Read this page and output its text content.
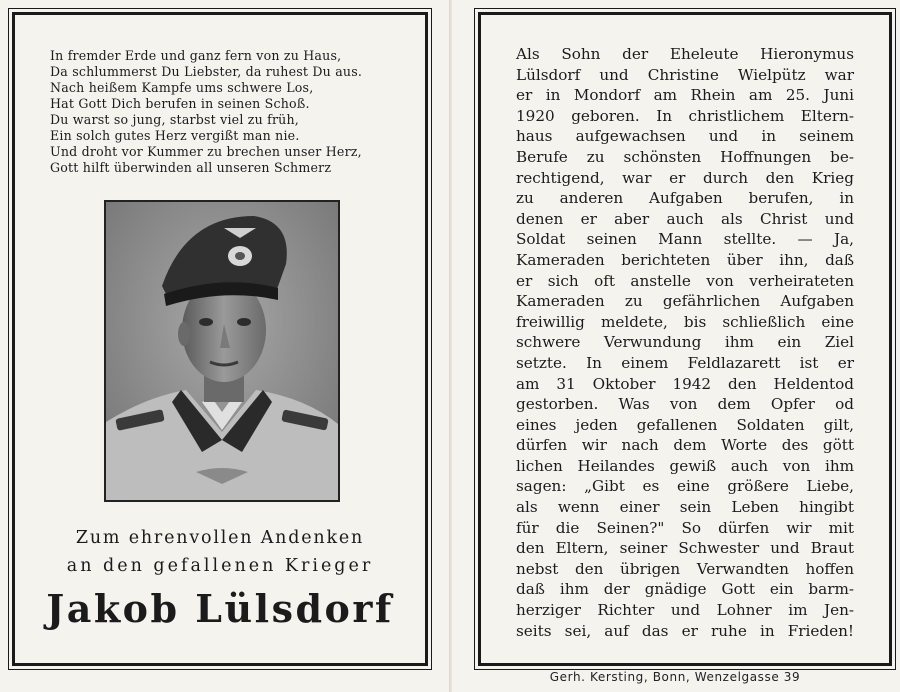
In fremder Erde und ganz fern von zu Haus,
Da schlummerst Du Liebster, da ruhest Du aus.
Nach heißem Kampfe ums schwere Los,
Hat Gott Dich berufen in seinen Schoß.
Du warst so jung, starbst viel zu früh,
Ein solch gutes Herz vergißt man nie.
Und droht vor Kummer zu brechen unser Herz,
Gott hilft überwinden all unseren Schmerz
Zum ehrenvollen Andenken
an den gefallenen Krieger
Jakob Lülsdorf
Als Sohn der Eheleute Hieronymus
Lülsdorf und Christine Wielpütz war
er in Mondorf am Rhein am 25. Juni
1920 geboren. In christlichem Eltern-
haus aufgewachsen und in seinem
Berufe zu schönsten Hoffnungen be-
rechtigend, war er durch den Krieg
zu anderen Aufgaben berufen, in
denen er aber auch als Christ und
Soldat seinen Mann stellte. — Ja,
Kameraden berichteten über ihn, daß
er sich oft anstelle von verheirateten
Kameraden zu gefährlichen Aufgaben
freiwillig meldete, bis schließlich eine
schwere Verwundung ihm ein Ziel
setzte. In einem Feldlazarett ist er
am 31 Oktober 1942 den Heldentod
gestorben. Was von dem Opfer od
eines jeden gefallenen Soldaten gilt,
dürfen wir nach dem Worte des gött
lichen Heilandes gewiß auch von ihm
sagen: „Gibt es eine größere Liebe,
als wenn einer sein Leben hingibt
für die Seinen?" So dürfen wir mit
den Eltern, seiner Schwester und Braut
nebst den übrigen Verwandten hoffen
daß ihm der gnädige Gott ein barm-
herziger Richter und Lohner im Jen-
seits sei, auf das er ruhe in Frieden!
Gerh. Kersting, Bonn, Wenzelgasse 39
